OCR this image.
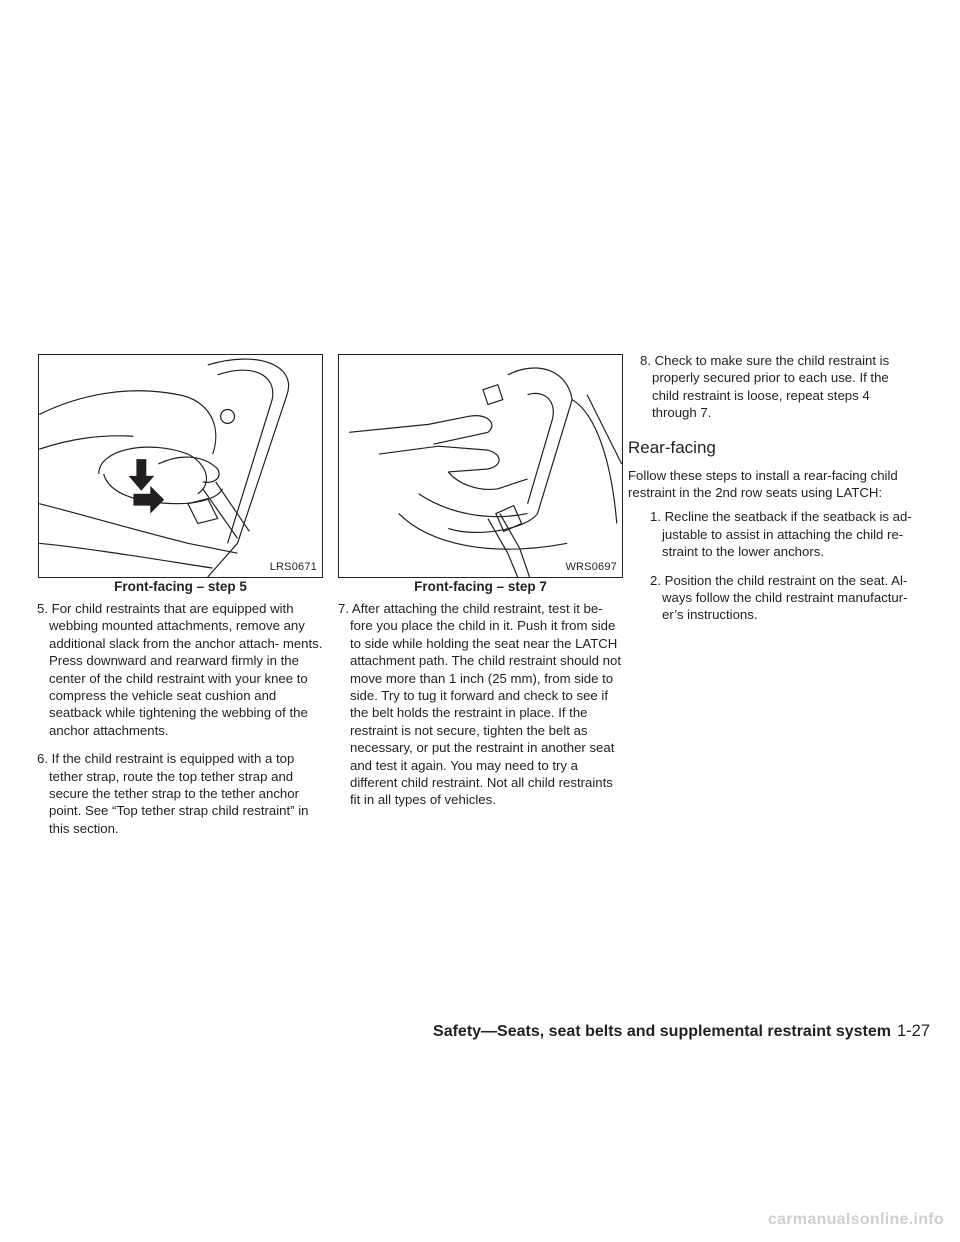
LRS0671
Front-facing – step 5
WRS0697
Front-facing – step 7

5. For child restraints that are equipped with webbing mounted attachments, remove any additional slack from the anchor attach- ments. Press downward and rearward firmly in the center of the child restraint with your knee to compress the vehicle seat cushion and seatback while tightening the webbing of the anchor attachments.

6. If the child restraint is equipped with a top tether strap, route the top tether strap and secure the tether strap to the tether anchor point. See “Top tether strap child restraint” in this section.

7. After attaching the child restraint, test it be- fore you place the child in it. Push it from side to side while holding the seat near the LATCH attachment path. The child restraint should not move more than 1 inch (25 mm), from side to side. Try to tug it forward and check to see if the belt holds the restraint in place. If the restraint is not secure, tighten the belt as necessary, or put the restraint in another seat and test it again. You may need to try a different child restraint. Not all child restraints fit in all types of vehicles.

8. Check to make sure the child restraint is properly secured prior to each use. If the child restraint is loose, repeat steps 4 through 7.

Rear-facing

Follow these steps to install a rear-facing child restraint in the 2nd row seats using LATCH:

1. Recline the seatback if the seatback is ad- justable to assist in attaching the child re- straint to the lower anchors.

2. Position the child restraint on the seat. Al- ways follow the child restraint manufactur- er’s instructions.

Safety—Seats, seat belts and supplemental restraint system 1-27
carmanualsonline.info
